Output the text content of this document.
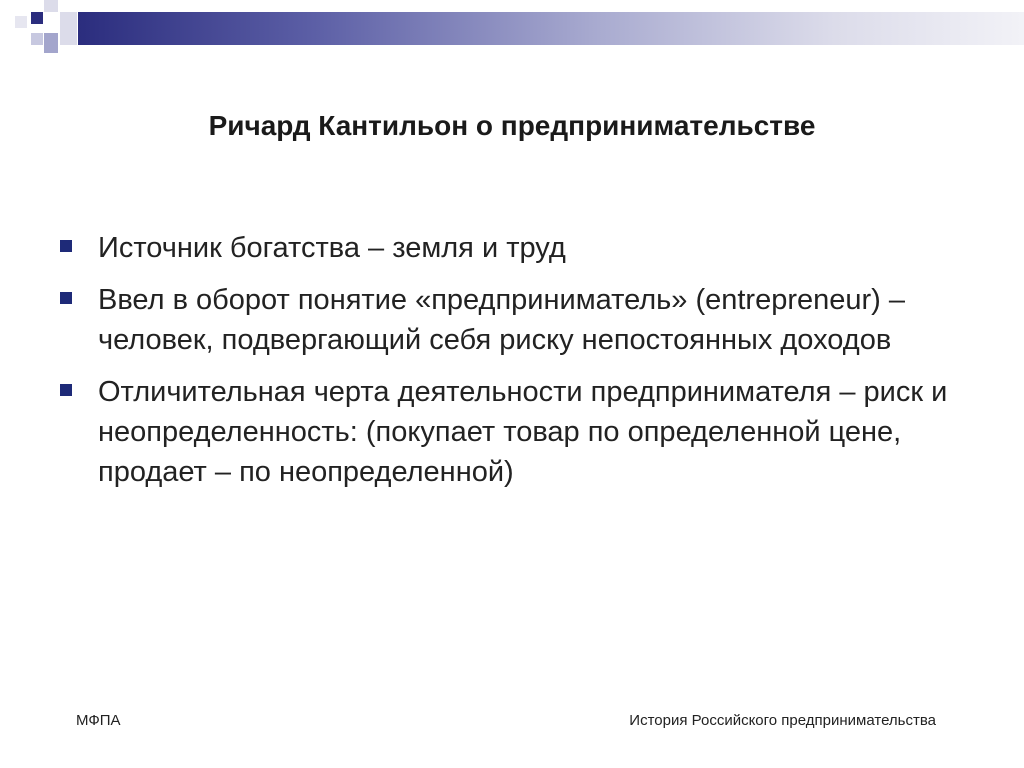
Ричард Кантильон о предпринимательстве
Источник богатства – земля и труд
Ввел в оборот понятие «предприниматель» (entrepreneur) – человек, подвергающий себя риску непостоянных доходов
Отличительная черта деятельности предпринимателя – риск и неопределенность: (покупает товар по определенной цене, продает – по неопределенной)
МФПА	История Российского предпринимательства
